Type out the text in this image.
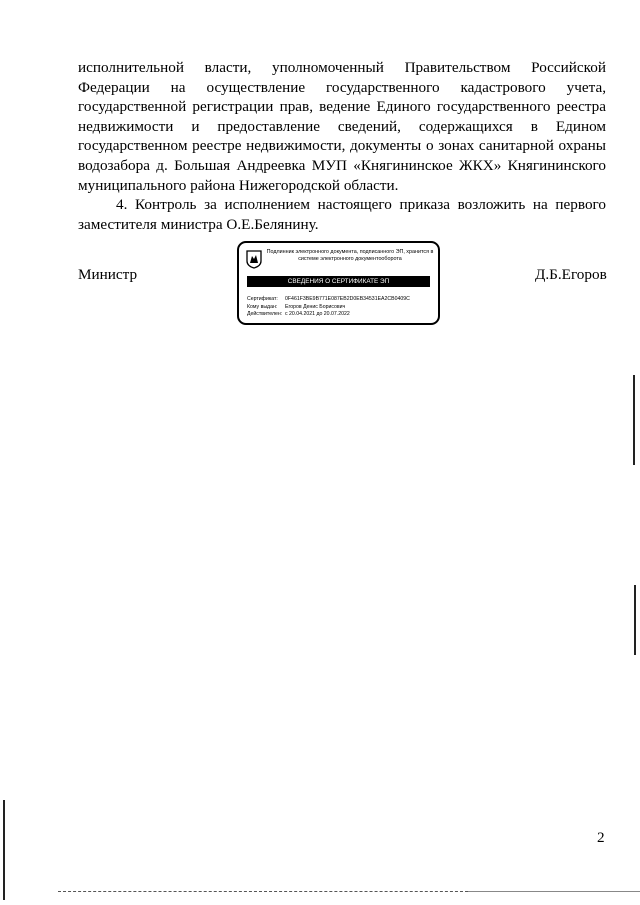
исполнительной власти, уполномоченный Правительством Российской Федерации на осуществление государственного кадастрового учета, государственной регистрации прав, ведение Единого государственного реестра недвижимости и предоставление сведений, содержащихся в Едином государственном реестре недвижимости, документы о зонах санитарной охраны водозабора д. Большая Андреевка МУП «Княгининское ЖКХ» Княгининского муниципального района Нижегородской области.

4. Контроль за исполнением настоящего приказа возложить на первого заместителя министра О.Е.Белянину.

Министр
Подлинник электронного документа, подписанного ЭП, хранится в системе электронного документооборота
СВЕДЕНИЯ О СЕРТИФИКАТЕ ЭП
Сертификат: 0F461F3BE9B771E087EB2D0EB34531EA2CB0409C
Кому выдан: Егоров Денис Борисович
Действителен: с 20.04.2021 до 20.07.2022
Д.Б.Егоров
2
